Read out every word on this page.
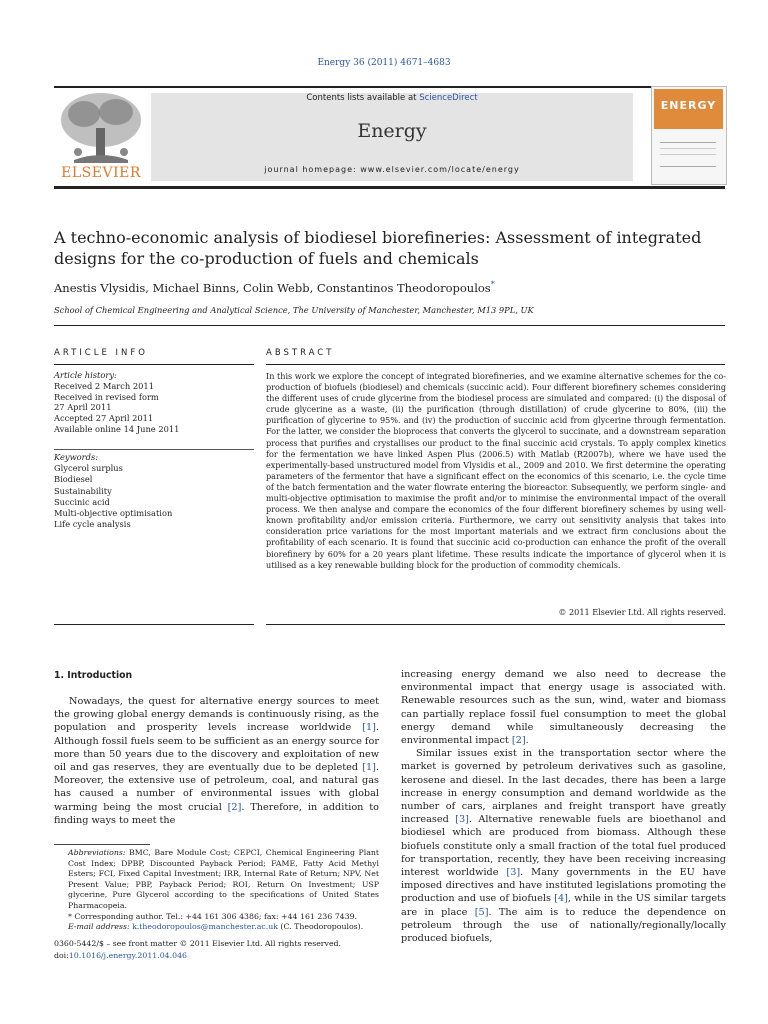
Energy 36 (2011) 4671–4683
ELSEVIER
Contents lists available at ScienceDirect
Energy
journal homepage: www.elsevier.com/locate/energy
ENERGY
A techno-economic analysis of biodiesel biorefineries: Assessment of integrated designs for the co-production of fuels and chemicals
Anestis Vlysidis, Michael Binns, Colin Webb, Constantinos Theodoropoulos*
School of Chemical Engineering and Analytical Science, The University of Manchester, Manchester, M13 9PL, UK
ARTICLE INFO	ABSTRACT
Article history:
Received 2 March 2011
Received in revised form
27 April 2011
Accepted 27 April 2011
Available online 14 June 2011
Keywords:
Glycerol surplus
Biodiesel
Sustainability
Succinic acid
Multi-objective optimisation
Life cycle analysis
In this work we explore the concept of integrated biorefineries, and we examine alternative schemes for the co-production of biofuels (biodiesel) and chemicals (succinic acid). Four different biorefinery schemes considering the different uses of crude glycerine from the biodiesel process are simulated and compared: (i) the disposal of crude glycerine as a waste, (ii) the purification (through distillation) of crude glycerine to 80%, (iii) the purification of glycerine to 95%. and (iv) the production of succinic acid from glycerine through fermentation. For the latter, we consider the bioprocess that converts the glycerol to succinate, and a downstream separation process that purifies and crystallises our product to the final succinic acid crystals. To apply complex kinetics for the fermentation we have linked Aspen Plus (2006.5) with Matlab (R2007b), where we have used the experimentally-based unstructured model from Vlysidis et al., 2009 and 2010. We first determine the operating parameters of the fermentor that have a significant effect on the economics of this scenario, i.e. the cycle time of the batch fermentation and the water flowrate entering the bioreactor. Subsequently, we perform single- and multi-objective optimisation to maximise the profit and/or to minimise the environmental impact of the overall process. We then analyse and compare the economics of the four different biorefinery schemes by using well-known profitability and/or emission criteria. Furthermore, we carry out sensitivity analysis that takes into consideration price variations for the most important materials and we extract firm conclusions about the profitability of each scenario. It is found that succinic acid co-production can enhance the profit of the overall biorefinery by 60% for a 20 years plant lifetime. These results indicate the importance of glycerol when it is utilised as a key renewable building block for the production of commodity chemicals.
© 2011 Elsevier Ltd. All rights reserved.
1. Introduction

Nowadays, the quest for alternative energy sources to meet the growing global energy demands is continuously rising, as the population and prosperity levels increase worldwide [1]. Although fossil fuels seem to be sufficient as an energy source for more than 50 years due to the discovery and exploitation of new oil and gas reserves, they are eventually due to be depleted [1]. Moreover, the extensive use of petroleum, coal, and natural gas has caused a number of environmental issues with global warming being the most crucial [2]. Therefore, in addition to finding ways to meet the

increasing energy demand we also need to decrease the environmental impact that energy usage is associated with. Renewable resources such as the sun, wind, water and biomass can partially replace fossil fuel consumption to meet the global energy demand while simultaneously decreasing the environmental impact [2].

Similar issues exist in the transportation sector where the market is governed by petroleum derivatives such as gasoline, kerosene and diesel. In the last decades, there has been a large increase in energy consumption and demand worldwide as the number of cars, airplanes and freight transport have greatly increased [3]. Alternative renewable fuels are bioethanol and biodiesel which are produced from biomass. Although these biofuels constitute only a small fraction of the total fuel produced for transportation, recently, they have been receiving increasing interest worldwide [3]. Many governments in the EU have imposed directives and have instituted legislations promoting the production and use of biofuels [4], while in the US similar targets are in place [5]. The aim is to reduce the dependence on petroleum through the use of nationally/regionally/locally produced biofuels,

Abbreviations: BMC, Bare Module Cost; CEPCI, Chemical Engineering Plant Cost Index; DPBP, Discounted Payback Period; FAME, Fatty Acid Methyl Esters; FCI, Fixed Capital Investment; IRR, Internal Rate of Return; NPV, Net Present Value; PBP, Payback Period; ROI, Return On Investment; USP glycerine, Pure Glycerol according to the specifications of United States Pharmacopeia.
* Corresponding author. Tel.: +44 161 306 4386; fax: +44 161 236 7439.
E-mail address: k.theodoropoulos@manchester.ac.uk (C. Theodoropoulos).
0360-5442/$ – see front matter © 2011 Elsevier Ltd. All rights reserved.
doi:10.1016/j.energy.2011.04.046
